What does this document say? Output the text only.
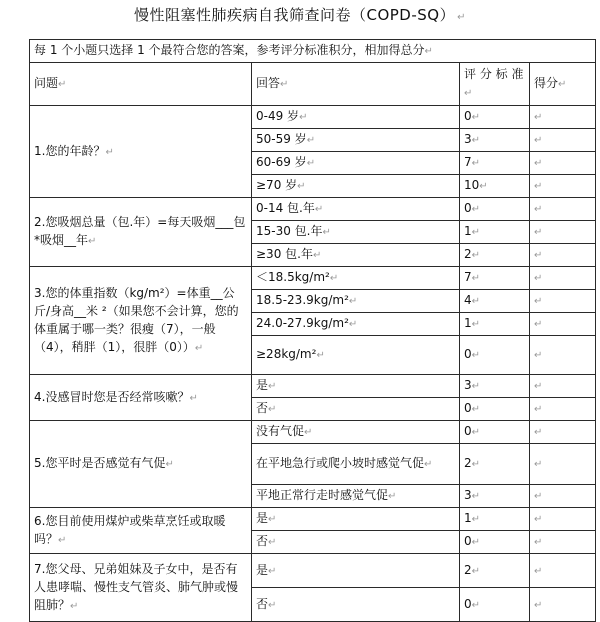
慢性阻塞性肺疾病自我筛查问卷（COPD-SQ） ↵
每 1 个小题只选择 1 个最符合您的答案，参考评分标准积分，相加得总分↵			
问题↵	回答↵	评 分 标 准↵	得分↵
1.您的年龄？↵	0-49 岁↵	0↵	↵
	50-59 岁↵	3↵	↵
	60-69 岁↵	7↵	↵
	≥70 岁↵	10↵	↵
2.您吸烟总量（包.年）=每天吸烟___包*吸烟__年↵	0-14 包.年↵	0↵	↵
	15-30 包.年↵	1↵	↵
	≥30 包.年↵	2↵	↵
3.您的体重指数（kg/m²）=体重__公斤/身高__米 ²（如果您不会计算，您的体重属于哪一类？很瘦（7），一般（4），稍胖（1），很胖（0））↵	＜18.5kg/m²↵	7↵	↵
	18.5-23.9kg/m²↵	4↵	↵
	24.0-27.9kg/m²↵	1↵	↵
	≥28kg/m²↵	0↵	↵
4.没感冒时您是否经常咳嗽？↵	是↵	3↵	↵
	否↵	0↵	↵
5.您平时是否感觉有气促↵	没有气促↵	0↵	↵
	在平地急行或爬小坡时感觉气促↵	2↵	↵
	平地正常行走时感觉气促↵	3↵	↵
6.您目前使用煤炉或柴草烹饪或取暖吗？↵	是↵	1↵	↵
	否↵	0↵	↵
7.您父母、兄弟姐妹及子女中，是否有人患哮喘、慢性支气管炎、肺气肿或慢阻肺？↵	是↵	2↵	↵
	否↵	0↵	↵
